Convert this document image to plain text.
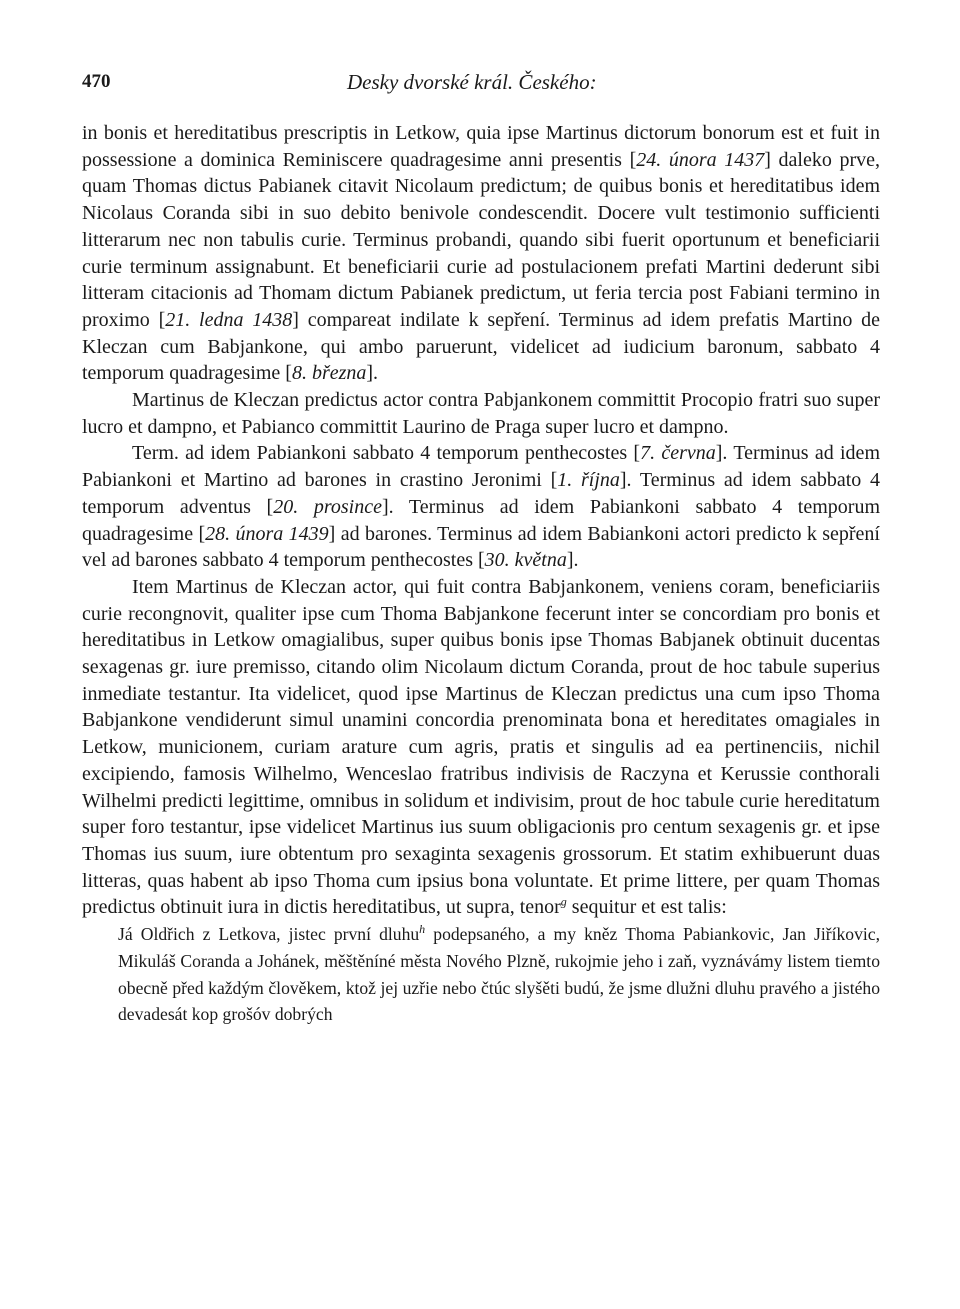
470	Desky dvorské král. Českého:

in bonis et hereditatibus prescriptis in Letkow, quia ipse Martinus dictorum bonorum est et fuit in possessione a dominica Reminiscere quadragesime anni presentis [24. února 1437] daleko prve, quam Thomas dictus Pabianek citavit Nicolaum predictum; de quibus bonis et hereditatibus idem Nicolaus Coranda sibi in suo debito benivole condescendit. Docere vult testimonio sufficienti litterarum nec non tabulis curie. Terminus probandi, quando sibi fuerit oportunum et beneficiarii curie terminum assignabunt. Et beneficiarii curie ad postulacionem prefati Martini dederunt sibi litteram citacionis ad Thomam dictum Pabianek predictum, ut feria tercia post Fabiani termino in proximo [21. ledna 1438] compareat indilate k sepření. Terminus ad idem prefatis Martino de Kleczan cum Babjankone, qui ambo paruerunt, videlicet ad iudicium baronum, sabbato 4 temporum quadragesime [8. března].

Martinus de Kleczan predictus actor contra Pabjankonem committit Procopio fratri suo super lucro et dampno, et Pabianco committit Laurino de Praga super lucro et dampno.

Term. ad idem Pabiankoni sabbato 4 temporum penthecostes [7. června]. Terminus ad idem Pabiankoni et Martino ad barones in crastino Jeronimi [1. října]. Terminus ad idem sabbato 4 temporum adventus [20. prosince]. Terminus ad idem Pabiankoni sabbato 4 temporum quadragesime [28. února 1439] ad barones. Terminus ad idem Babiankoni actori predicto k sepření vel ad barones sabbato 4 temporum penthecostes [30. května].

Item Martinus de Kleczan actor, qui fuit contra Babjankonem, veniens coram, beneficiariis curie recongnovit, qualiter ipse cum Thoma Babjankone fecerunt inter se concordiam pro bonis et hereditatibus in Letkow omagialibus, super quibus bonis ipse Thomas Babjanek obtinuit ducentas sexagenas gr. iure premisso, citando olim Nicolaum dictum Coranda, prout de hoc tabule superius inmediate testantur. Ita videlicet, quod ipse Martinus de Kleczan predictus una cum ipso Thoma Babjankone vendiderunt simul unamini concordia prenominata bona et hereditates omagiales in Letkow, municionem, curiam arature cum agris, pratis et singulis ad ea pertinenciis, nichil excipiendo, famosis Wilhelmo, Wenceslao fratribus indivisis de Raczyna et Kerussie conthorali Wilhelmi predicti legittime, omnibus in solidum et indivisim, prout de hoc tabule curie hereditatum super foro testantur, ipse videlicet Martinus ius suum obligacionis pro centum sexagenis gr. et ipse Thomas ius suum, iure obtentum pro sexaginta sexagenis grossorum. Et statim exhibuerunt duas litteras, quas habent ab ipso Thoma cum ipsius bona voluntate. Et prime littere, per quam Thomas predictus obtinuit iura in dictis hereditatibus, ut supra, tenor$^g$ sequitur et est talis:

Já Oldřich z Letkova, jistec první dluhu$^h$ podepsaného, a my kněz Thoma Pabiankovic, Jan Jiříkovic, Mikuláš Coranda a Johánek, měštěníné města Nového Plzně, rukojmie jeho i zaň, vyznávámy listem tiemto obecně před každým člověkem, ktož jej uzřie nebo čtúc slyšěti budú, že jsme dlužni dluhu pravého a jistého devadesát kop grošóv dobrých
